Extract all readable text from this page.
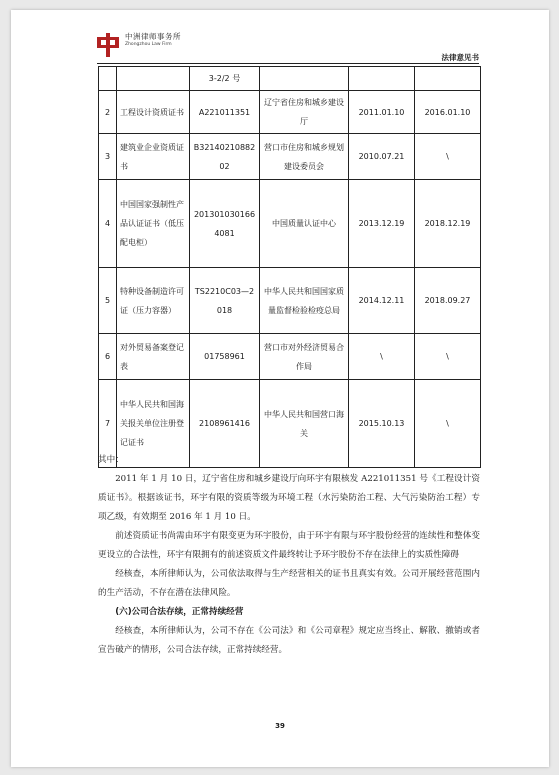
中洲律师事务所
Zhongzhou Law Firm
法律意见书
		3-2/2 号			
2	工程设计资质证书	A221011351	辽宁省住房和城乡建设厅	2011.01.10	2016.01.10
3	建筑业企业资质证书	B3214021088202	营口市住房和城乡规划建设委员会	2010.07.21	\
4	中国国家强制性产品认证证书（低压配电柜）	2013010301664081	中国质量认证中心	2013.12.19	2018.12.19
5	特种设备制造许可证（压力容器）	TS2210C03—2018	中华人民共和国国家质量监督检验检疫总局	2014.12.11	2018.09.27
6	对外贸易备案登记表	01758961	营口市对外经济贸易合作局	\	\
7	中华人民共和国海关报关单位注册登记证书	2108961416	中华人民共和国营口海关	2015.10.13	\

其中：

2011 年 1 月 10 日，辽宁省住房和城乡建设厅向环宇有限核发 A221011351 号《工程设计资质证书》。根据该证书，环宇有限的资质等级为环境工程（水污染防治工程、大气污染防治工程）专项乙级，有效期至 2016 年 1 月 10 日。

前述资质证书尚需由环宇有限变更为环宇股份，由于环宇有限与环宇股份经营的连续性和整体变更设立的合法性，环宇有限拥有的前述资质文件最终转让予环宇股份不存在法律上的实质性障碍

经核查，本所律师认为，公司依法取得与生产经营相关的证书且真实有效。公司开展经营范围内的生产活动，不存在潜在法律风险。

(六)公司合法存续，正常持续经营

经核查，本所律师认为，公司不存在《公司法》和《公司章程》规定应当终止、解散、撤销或者宣告破产的情形，公司合法存续，正常持续经营。

39
